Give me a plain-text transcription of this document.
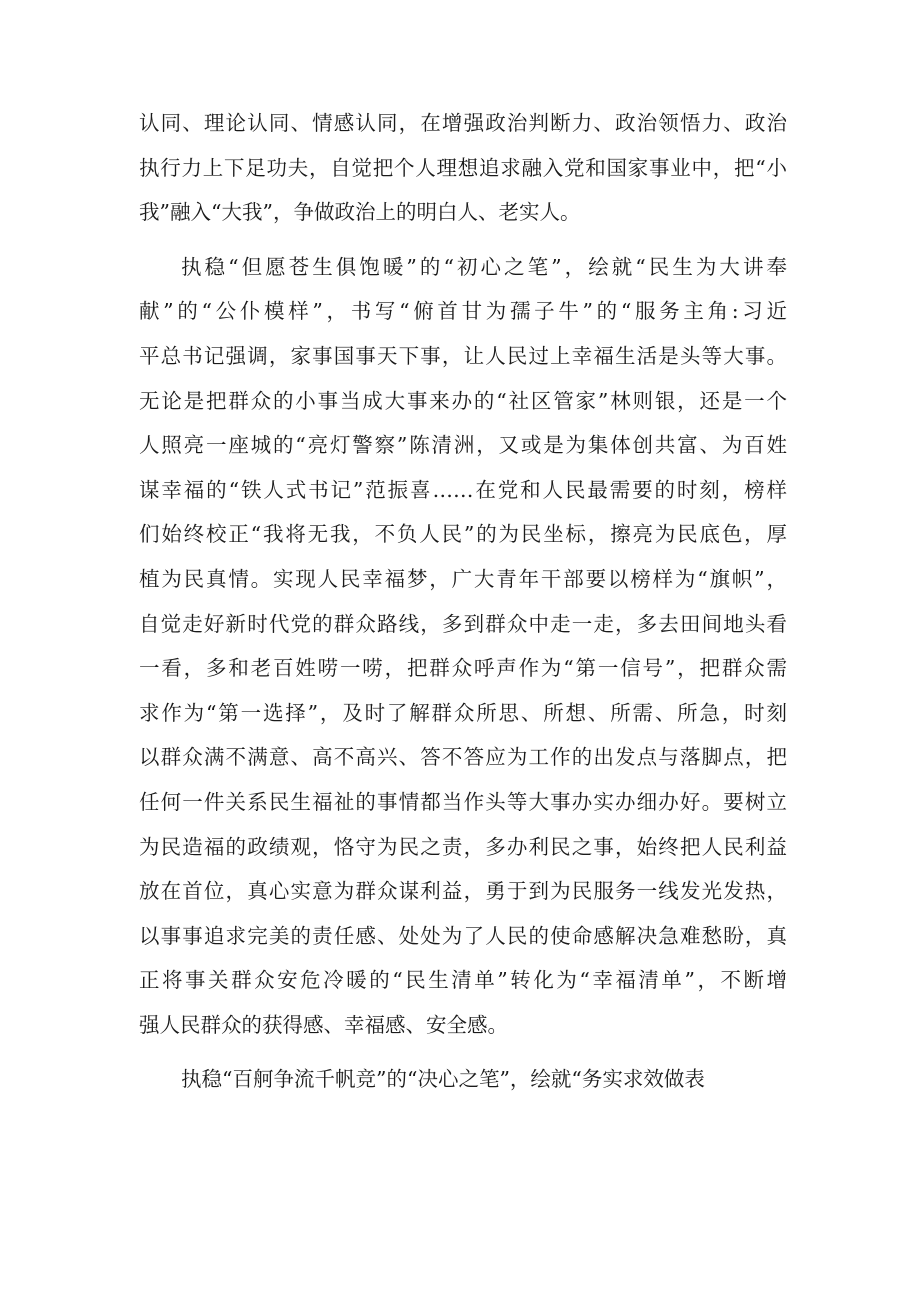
认同、理论认同、情感认同，在增强政治判断力、政治领悟力、政治
执行力上下足功夫，自觉把个人理想追求融入党和国家事业中，把“小
我”融入“大我”，争做政治上的明白人、老实人。
执稳“但愿苍生俱饱暖”的“初心之笔”，绘就“民生为大讲奉
献”的“公仆模样”，书写“俯首甘为孺子牛”的“服务主角:习近
平总书记强调，家事国事天下事，让人民过上幸福生活是头等大事。
无论是把群众的小事当成大事来办的“社区管家”林则银，还是一个
人照亮一座城的“亮灯警察”陈清洲，又或是为集体创共富、为百姓
谋幸福的“铁人式书记”范振喜……在党和人民最需要的时刻，榜样
们始终校正“我将无我，不负人民”的为民坐标，擦亮为民底色，厚
植为民真情。实现人民幸福梦，广大青年干部要以榜样为“旗帜”，
自觉走好新时代党的群众路线，多到群众中走一走，多去田间地头看
一看，多和老百姓唠一唠，把群众呼声作为“第一信号”，把群众需
求作为“第一选择”，及时了解群众所思、所想、所需、所急，时刻
以群众满不满意、高不高兴、答不答应为工作的出发点与落脚点，把
任何一件关系民生福祉的事情都当作头等大事办实办细办好。要树立
为民造福的政绩观，恪守为民之责，多办利民之事，始终把人民利益
放在首位，真心实意为群众谋利益，勇于到为民服务一线发光发热，
以事事追求完美的责任感、处处为了人民的使命感解决急难愁盼，真
正将事关群众安危冷暖的“民生清单”转化为“幸福清单”，不断增
强人民群众的获得感、幸福感、安全感。
执稳“百舸争流千帆竞”的“决心之笔”，绘就“务实求效做表
